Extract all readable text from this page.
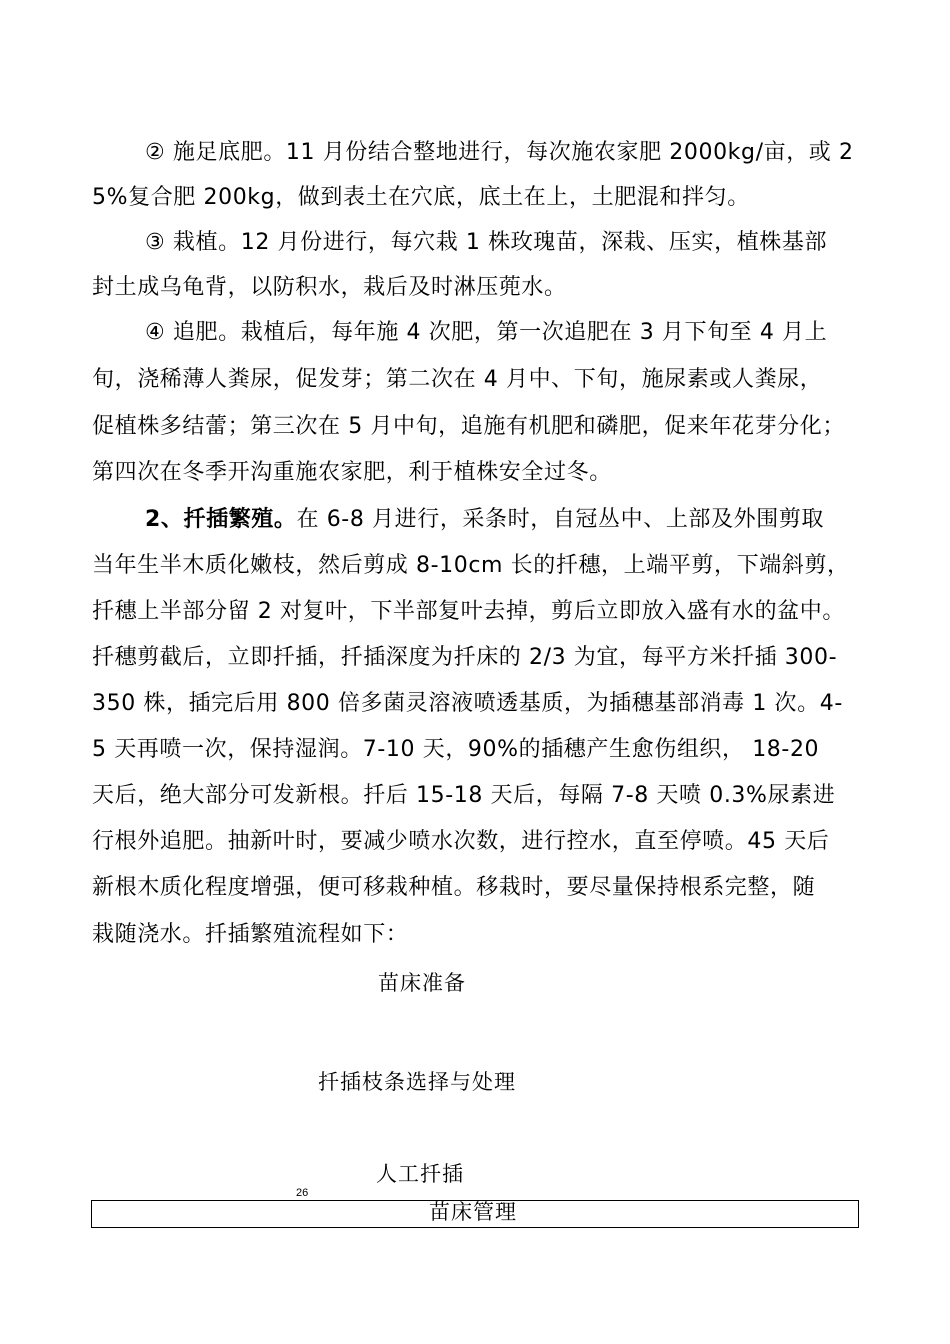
② 施足底肥。11 月份结合整地进行，每次施农家肥 2000kg/亩，或 2
5%复合肥 200kg，做到表土在穴底，底土在上，土肥混和拌匀。
③ 栽植。12 月份进行，每穴栽 1 株玫瑰苗，深栽、压实，植株基部
封土成乌龟背，以防积水，栽后及时淋压蔸水。
④ 追肥。栽植后，每年施 4 次肥，第一次追肥在 3 月下旬至 4 月上
旬，浇稀薄人粪尿，促发芽；第二次在 4 月中、下旬，施尿素或人粪尿，
促植株多结蕾；第三次在 5 月中旬，追施有机肥和磷肥，促来年花芽分化；
第四次在冬季开沟重施农家肥，利于植株安全过冬。
2、扦插繁殖。在 6-8 月进行，采条时，自冠丛中、上部及外围剪取
当年生半木质化嫩枝，然后剪成 8-10cm 长的扦穗，上端平剪，下端斜剪，
扦穗上半部分留 2 对复叶，下半部复叶去掉，剪后立即放入盛有水的盆中。
扦穗剪截后，立即扦插，扦插深度为扦床的 2/3 为宜，每平方米扦插 300-
350 株，插完后用 800 倍多菌灵溶液喷透基质，为插穗基部消毒 1 次。4-
5 天再喷一次，保持湿润。7-10 天，90%的插穗产生愈伤组织， 18-20
天后，绝大部分可发新根。扦后 15-18 天后，每隔 7-8 天喷 0.3%尿素进
行根外追肥。抽新叶时，要减少喷水次数，进行控水，直至停喷。45 天后
新根木质化程度增强，便可移栽种植。移栽时，要尽量保持根系完整，随
栽随浇水。扦插繁殖流程如下：
苗床准备
扦插枝条选择与处理
人工扦插
26
苗床管理
